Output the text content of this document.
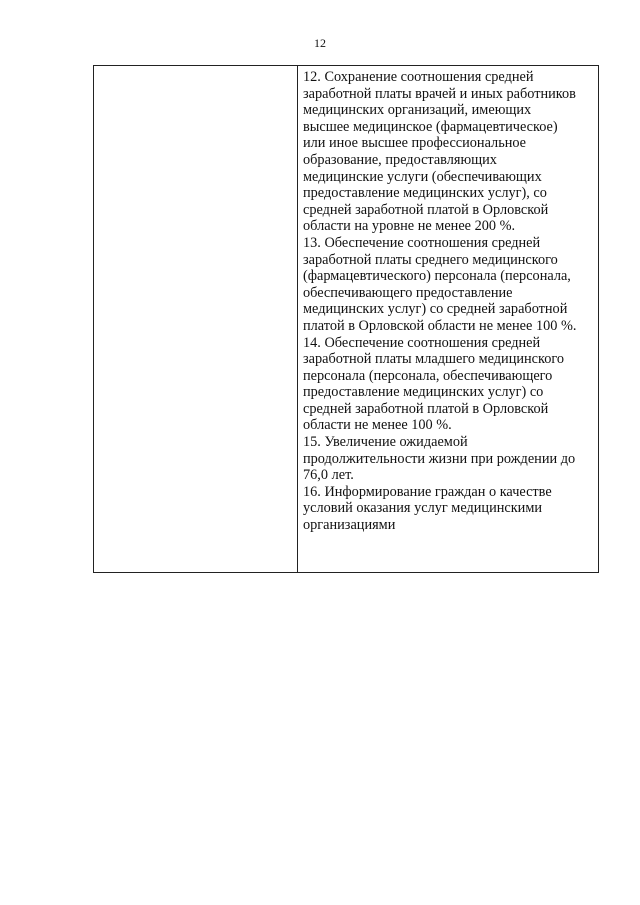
12

12. Сохранение соотношения средней
заработной платы врачей и иных работников
медицинских организаций, имеющих
высшее медицинское (фармацевтическое)
или иное высшее профессиональное
образование, предоставляющих
медицинские услуги (обеспечивающих
предоставление медицинских услуг), со
средней заработной платой в Орловской
области на уровне не менее 200 %.

13. Обеспечение соотношения средней
заработной платы среднего медицинского
(фармацевтического) персонала (персонала,
обеспечивающего предоставление
медицинских услуг) со средней заработной
платой в Орловской области не менее 100 %.

14. Обеспечение соотношения средней
заработной платы младшего медицинского
персонала (персонала, обеспечивающего
предоставление медицинских услуг) со
средней заработной платой в Орловской
области не менее 100 %.

15. Увеличение ожидаемой
продолжительности жизни при рождении до
76,0 лет.

16. Информирование граждан о качестве
условий оказания услуг медицинскими
организациями
